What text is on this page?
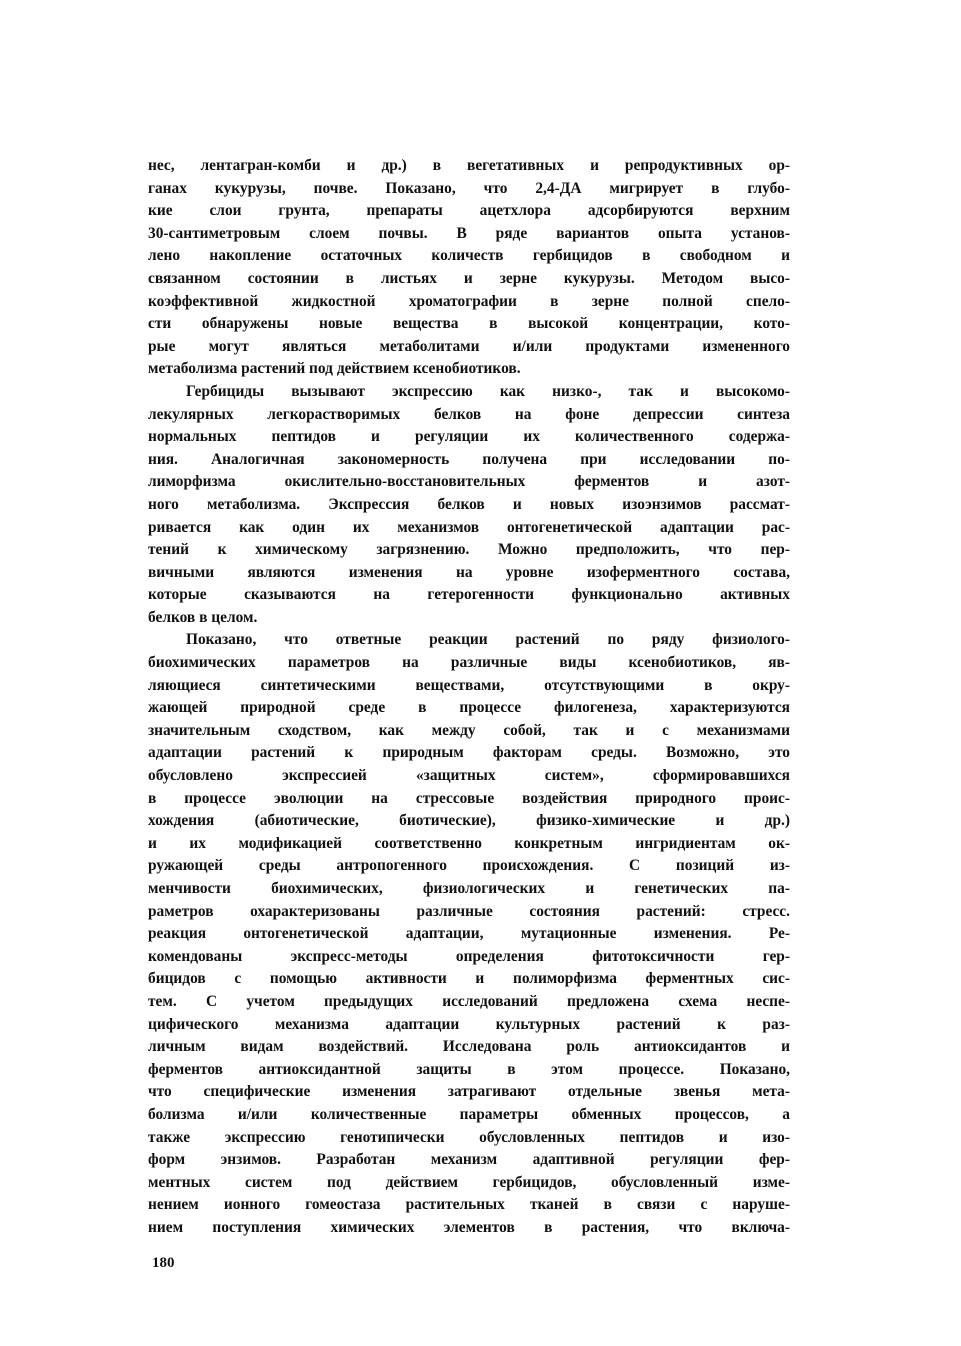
нес, лентагран-комби и др.) в вегетативных и репродуктивных ор-
ганах кукурузы, почве. Показано, что 2,4-ДА мигрирует в глубо-
кие слои грунта, препараты ацетхлора адсорбируются верхним
30-сантиметровым слоем почвы. В ряде вариантов опыта установ-
лено накопление остаточных количеств гербицидов в свободном и
связанном состоянии в листьях и зерне кукурузы. Методом высо-
коэффективной жидкостной хроматографии в зерне полной спело-
сти обнаружены новые вещества в высокой концентрации, кото-
рые могут являться метаболитами и/или продуктами измененного
метаболизма растений под действием ксенобиотиков.
Гербициды вызывают экспрессию как низко-, так и высокомо-
лекулярных легкорастворимых белков на фоне депрессии синтеза
нормальных пептидов и регуляции их количественного содержа-
ния. Аналогичная закономерность получена при исследовании по-
лиморфизма окислительно-восстановительных ферментов и азот-
ного метаболизма. Экспрессия белков и новых изоэнзимов рассмат-
ривается как один их механизмов онтогенетической адаптации рас-
тений к химическому загрязнению. Можно предположить, что пер-
вичными являются изменения на уровне изоферментного состава,
которые сказываются на гетерогенности функционально активных
белков в целом.
Показано, что ответные реакции растений по ряду физиолого-
биохимических параметров на различные виды ксенобиотиков, яв-
ляющиеся синтетическими веществами, отсутствующими в окру-
жающей природной среде в процессе филогенеза, характеризуются
значительным сходством, как между собой, так и с механизмами
адаптации растений к природным факторам среды. Возможно, это
обусловлено экспрессией «защитных систем», сформировавшихся
в процессе эволюции на стрессовые воздействия природного проис-
хождения (абиотические, биотические), физико-химические и др.)
и их модификацией соответственно конкретным ингридиентам ок-
ружающей среды антропогенного происхождения. С позиций из-
менчивости биохимических, физиологических и генетических па-
раметров охарактеризованы различные состояния растений: стресс.
реакция онтогенетической адаптации, мутационные изменения. Ре-
комендованы экспресс-методы определения фитотоксичности гер-
бицидов с помощью активности и полиморфизма ферментных сис-
тем. С учетом предыдущих исследований предложена схема неспе-
цифического механизма адаптации культурных растений к раз-
личным видам воздействий. Исследована роль антиоксидантов и
ферментов антиоксидантной защиты в этом процессе. Показано,
что специфические изменения затрагивают отдельные звенья мета-
болизма и/или количественные параметры обменных процессов, а
также экспрессию генотипически обусловленных пептидов и изо-
форм энзимов. Разработан механизм адаптивной регуляции фер-
ментных систем под действием гербицидов, обусловленный изме-
нением ионного гомеостаза растительных тканей в связи с наруше-
нием поступления химических элементов в растения, что включа-
180
